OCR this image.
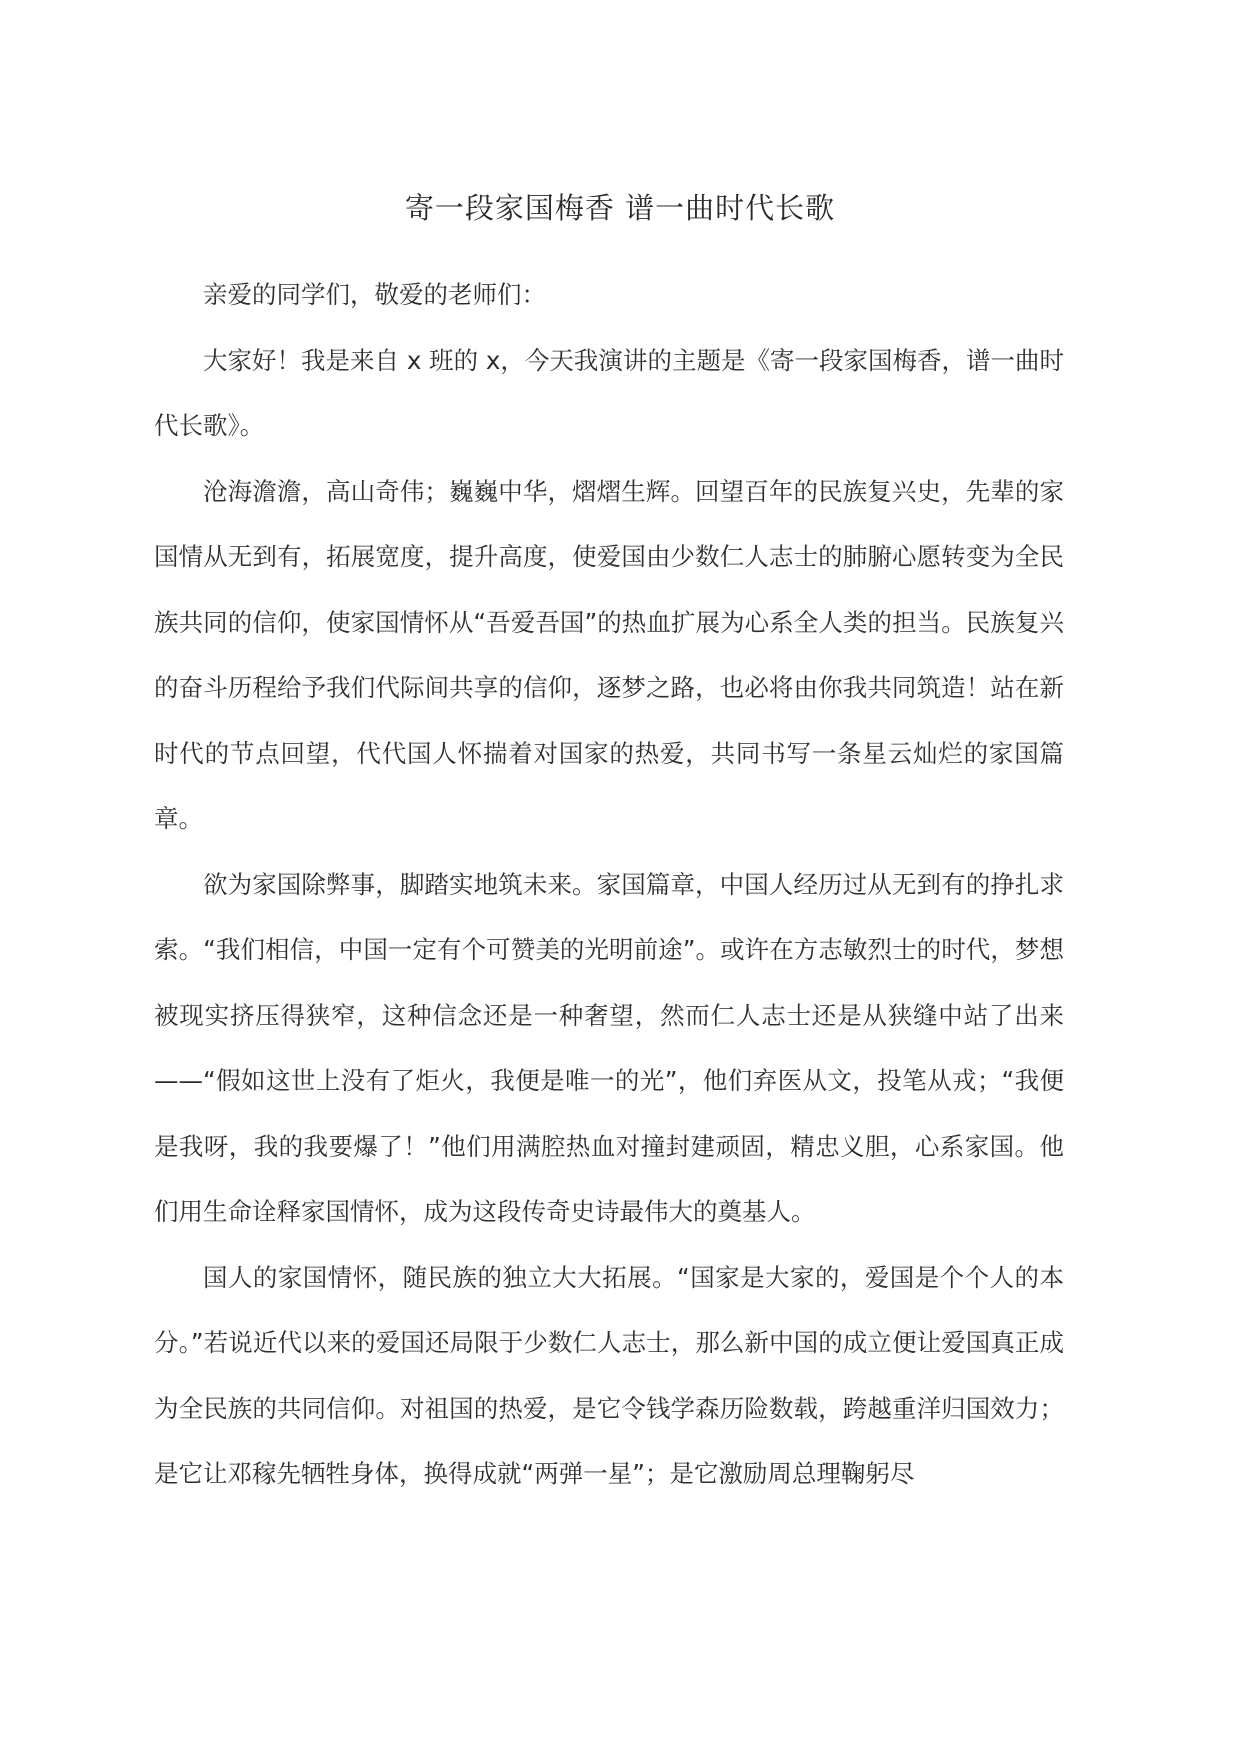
寄一段家国梅香 谱一曲时代长歌

亲爱的同学们，敬爱的老师们：

大家好！我是来自 x 班的 x，今天我演讲的主题是《寄一段家国梅香，谱一曲时代长歌》。

沧海澹澹，高山奇伟；巍巍中华，熠熠生辉。回望百年的民族复兴史，先辈的家国情从无到有，拓展宽度，提升高度，使爱国由少数仁人志士的肺腑心愿转变为全民族共同的信仰，使家国情怀从“吾爱吾国”的热血扩展为心系全人类的担当。民族复兴的奋斗历程给予我们代际间共享的信仰，逐梦之路，也必将由你我共同筑造！站在新时代的节点回望，代代国人怀揣着对国家的热爱，共同书写一条星云灿烂的家国篇章。

欲为家国除弊事，脚踏实地筑未来。家国篇章，中国人经历过从无到有的挣扎求索。“我们相信，中国一定有个可赞美的光明前途”。或许在方志敏烈士的时代，梦想被现实挤压得狭窄，这种信念还是一种奢望，然而仁人志士还是从狭缝中站了出来——“假如这世上没有了炬火，我便是唯一的光”，他们弃医从文，投笔从戎；“我便是我呀，我的我要爆了！”他们用满腔热血对撞封建顽固，精忠义胆，心系家国。他们用生命诠释家国情怀，成为这段传奇史诗最伟大的奠基人。

国人的家国情怀，随民族的独立大大拓展。“国家是大家的，爱国是个个人的本分。”若说近代以来的爱国还局限于少数仁人志士，那么新中国的成立便让爱国真正成为全民族的共同信仰。对祖国的热爱，是它令钱学森历险数载，跨越重洋归国效力；是它让邓稼先牺牲身体，换得成就“两弹一星”；是它激励周总理鞠躬尽
